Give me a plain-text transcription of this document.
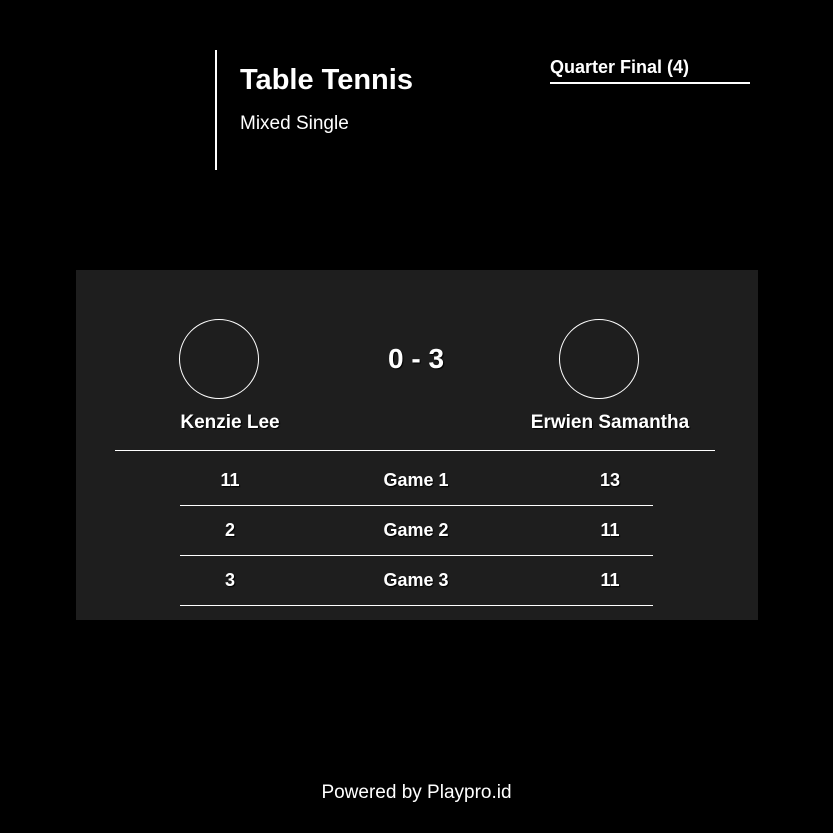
Table Tennis
Mixed Single
Quarter Final (4)
0 - 3
Kenzie Lee	Erwien Samantha
11	Game 1	13
2	Game 2	11
3	Game 3	11
Powered by Playpro.id
